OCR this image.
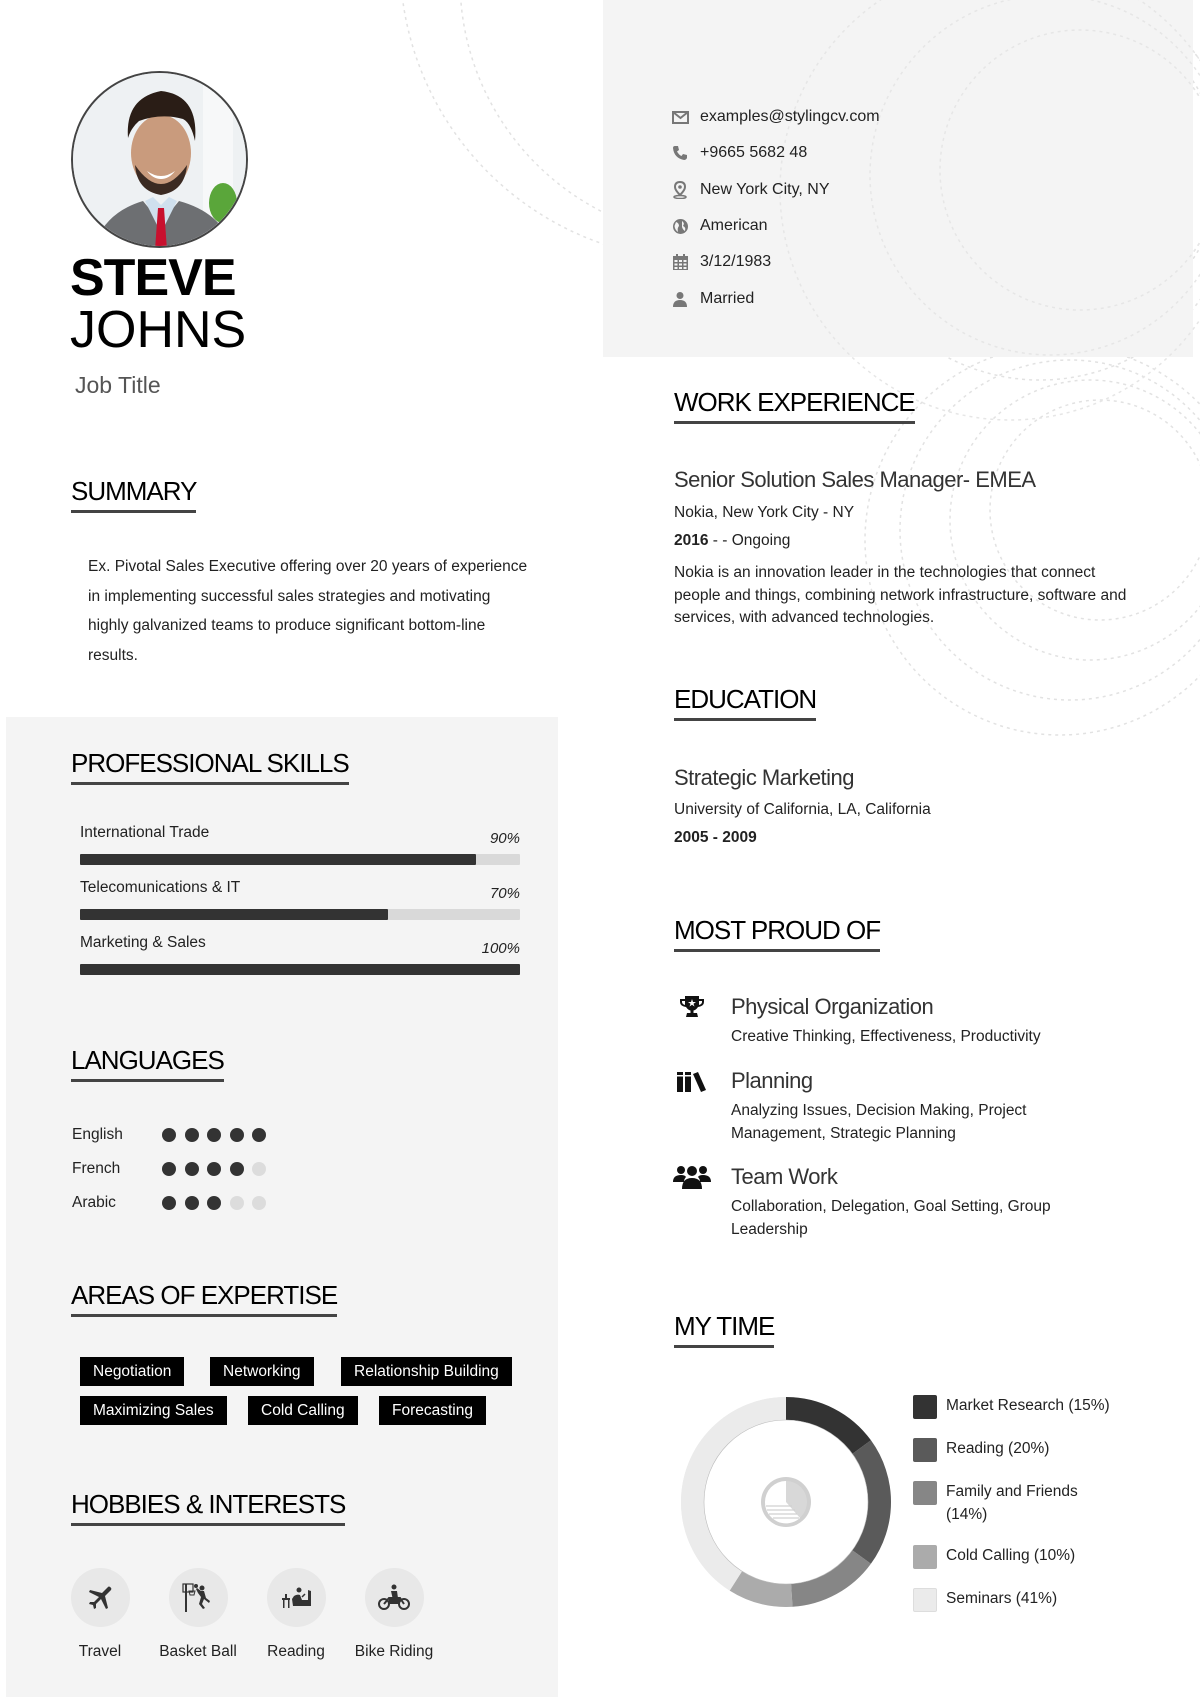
STEVE
JOHNS
Job Title
examples@stylingcv.com
+9665 5682 48
New York City, NY
American
3/12/1983
Married
SUMMARY
Ex. Pivotal Sales Executive offering over 20 years of experience in implementing successful sales strategies and motivating highly galvanized teams to produce significant bottom-line results.
PROFESSIONAL SKILLS
International Trade	90%
Telecomunications & IT	70%
Marketing & Sales	100%
LANGUAGES
English
French
Arabic
AREAS OF EXPERTISE
Negotiation	Networking	Relationship Building
Maximizing Sales	Cold Calling	Forecasting
HOBBIES & INTERESTS
Travel	Basket Ball	Reading	Bike Riding
WORK EXPERIENCE
Senior Solution Sales Manager- EMEA
Nokia, New York City - NY
2016 - - Ongoing
Nokia is an innovation leader in the technologies that connect people and things, combining network infrastructure, software and services, with advanced technologies.
EDUCATION
Strategic Marketing
University of California, LA, California
2005 - 2009
MOST PROUD OF
Physical Organization
Creative Thinking, Effectiveness, Productivity
Planning
Analyzing Issues, Decision Making, Project Management, Strategic Planning
Team Work
Collaboration, Delegation, Goal Setting, Group Leadership
MY TIME
Market Research (15%)
Reading (20%)
Family and Friends (14%)
Cold Calling (10%)
Seminars (41%)
